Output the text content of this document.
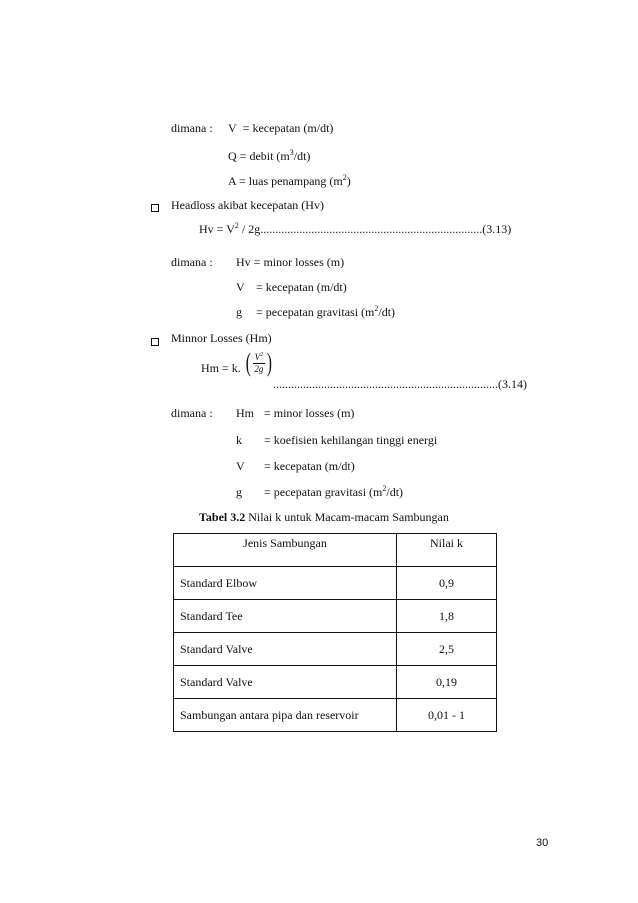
dimana : V = kecepatan (m/dt)
Q = debit $(m^3/dt)$
A = luas penampang $(m^2)$
Headloss akibat kecepatan (Hv)
$Hv = V^2 / 2g..........................................................................(3.13)$
dimana : Hv = minor losses (m)
V = kecepatan (m/dt)
g = pecepatan gravitasi $(m^2/dt)$
Minnor Losses (Hm)
Hm = k. ( $\frac{V^2}{2g}$ )
...........................................................................(3.14)
dimana : Hm = minor losses (m)
k = koefisien kehilangan tinggi energi
V = kecepatan (m/dt)
g = pecepatan gravitasi $(m^2/dt)$
Tabel 3.2 Nilai k untuk Macam-macam Sambungan
Jenis Sambungan	Nilai k
Standard Elbow	0,9
Standard Tee	1,8
Standard Valve	2,5
Standard Valve	0,19
Sambungan antara pipa dan reservoir	0,01 - 1
30
